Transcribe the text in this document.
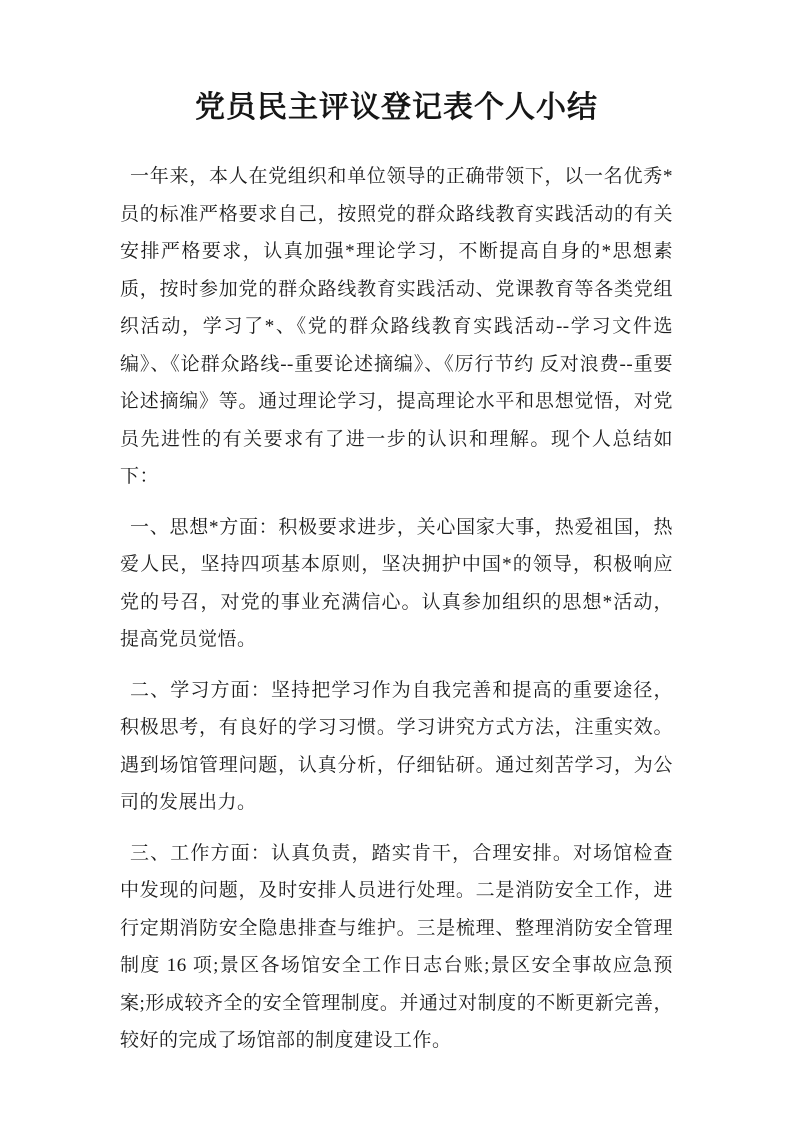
党员民主评议登记表个人小结

一年来，本人在党组织和单位领导的正确带领下，以一名优秀*员的标准严格要求自己，按照党的群众路线教育实践活动的有关安排严格要求，认真加强*理论学习，不断提高自身的*思想素质，按时参加党的群众路线教育实践活动、党课教育等各类党组织活动，学习了*、《党的群众路线教育实践活动--学习文件选编》、《论群众路线--重要论述摘编》、《厉行节约 反对浪费--重要论述摘编》等。通过理论学习，提高理论水平和思想觉悟，对党员先进性的有关要求有了进一步的认识和理解。现个人总结如下：

一、思想*方面：积极要求进步，关心国家大事，热爱祖国，热爱人民，坚持四项基本原则，坚决拥护中国*的领导，积极响应党的号召，对党的事业充满信心。认真参加组织的思想*活动，提高党员觉悟。

二、学习方面：坚持把学习作为自我完善和提高的重要途径，积极思考，有良好的学习习惯。学习讲究方式方法，注重实效。遇到场馆管理问题，认真分析，仔细钻研。通过刻苦学习，为公司的发展出力。

三、工作方面：认真负责，踏实肯干，合理安排。对场馆检查中发现的问题，及时安排人员进行处理。二是消防安全工作，进行定期消防安全隐患排查与维护。三是梳理、整理消防安全管理制度 16 项;景区各场馆安全工作日志台账;景区安全事故应急预案;形成较齐全的安全管理制度。并通过对制度的不断更新完善，较好的完成了场馆部的制度建设工作。
